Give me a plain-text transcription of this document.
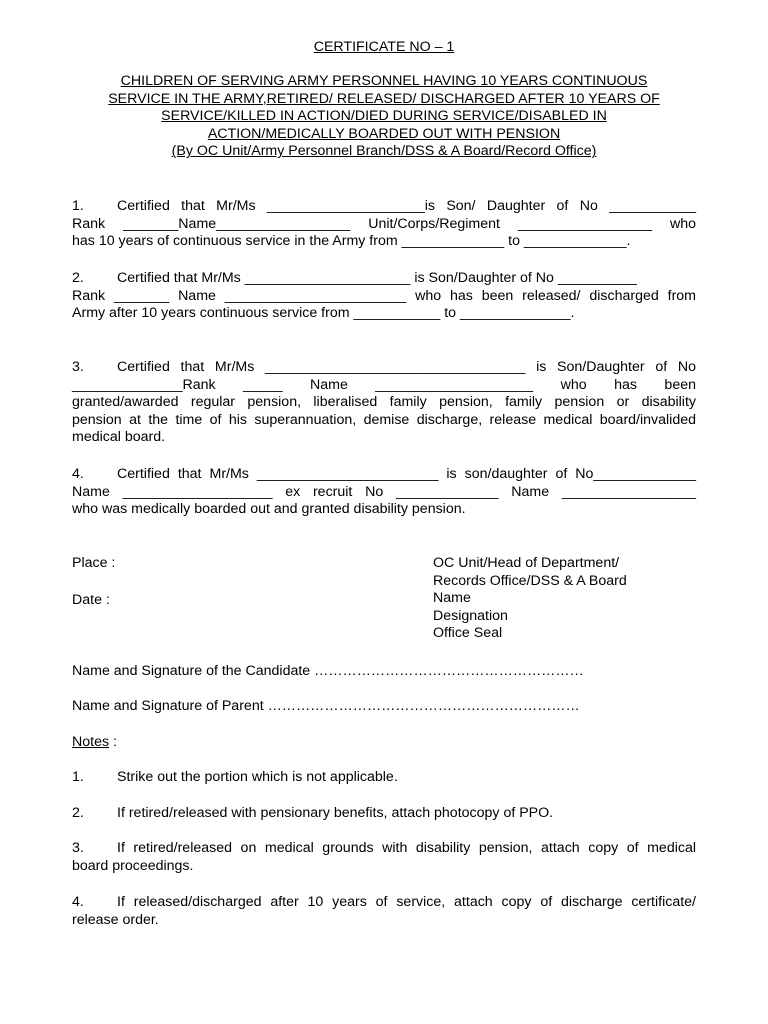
CERTIFICATE NO – 1
CHILDREN OF SERVING ARMY PERSONNEL HAVING 10 YEARS CONTINUOUS
SERVICE IN THE ARMY,RETIRED/ RELEASED/ DISCHARGED AFTER 10 YEARS OF
SERVICE/KILLED IN ACTION/DIED DURING SERVICE/DISABLED IN
ACTION/MEDICALLY BOARDED OUT WITH PENSION
(By OC Unit/Army Personnel Branch/DSS & A Board/Record Office)
1. Certified that Mr/Ms ____________________is Son/ Daughter of No ___________
Rank _______Name_________________ Unit/Corps/Regiment _________________ who
has 10 years of continuous service in the Army from _____________ to _____________.
2. Certified that Mr/Ms _____________________ is Son/Daughter of No __________
Rank _______ Name _______________________ who has been released/ discharged from
Army after 10 years continuous service from ___________ to ______________.
3. Certified that Mr/Ms _________________________________ is Son/Daughter of No
______________Rank _____ Name ____________________ who has been
granted/awarded regular pension, liberalised family pension, family pension or disability
pension at the time of his superannuation, demise discharge, release medical board/invalided
medical board.
4. Certified that Mr/Ms _______________________ is son/daughter of No_____________
Name ___________________ ex recruit No _____________ Name _________________
who was medically boarded out and granted disability pension.
Place :
Date :
OC Unit/Head of Department/
Records Office/DSS & A Board
Name
Designation
Office Seal
Name and Signature of the Candidate …………………………………………………
Name and Signature of Parent …………………………………………………………
Notes :
1. Strike out the portion which is not applicable.
2. If retired/released with pensionary benefits, attach photocopy of PPO.
3. If retired/released on medical grounds with disability pension, attach copy of medical
board proceedings.
4. If released/discharged after 10 years of service, attach copy of discharge certificate/
release order.
